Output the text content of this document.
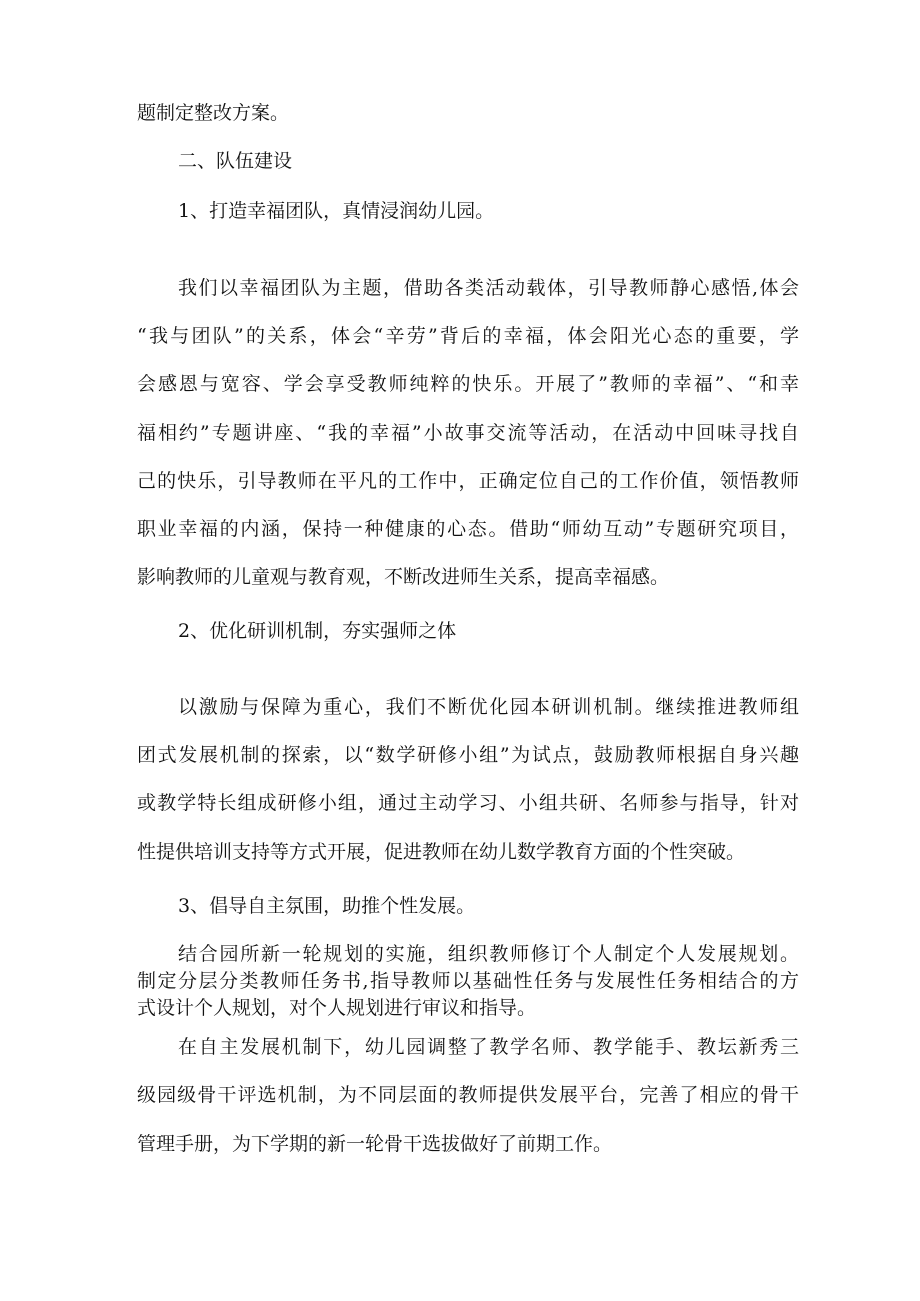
题制定整改方案。
二、队伍建设
1、打造幸福团队，真情浸润幼儿园。
我们以幸福团队为主题，借助各类活动载体，引导教师静心感悟,体会
“我与团队”的关系，体会“辛劳”背后的幸福，体会阳光心态的重要，学
会感恩与宽容、学会享受教师纯粹的快乐。开展了”教师的幸福”、“和幸
福相约”专题讲座、“我的幸福”小故事交流等活动，在活动中回味寻找自
己的快乐，引导教师在平凡的工作中，正确定位自己的工作价值，领悟教师
职业幸福的内涵，保持一种健康的心态。借助“师幼互动”专题研究项目，
影响教师的儿童观与教育观，不断改进师生关系，提高幸福感。
2、优化研训机制，夯实强师之体
以激励与保障为重心，我们不断优化园本研训机制。继续推进教师组
团式发展机制的探索，以“数学研修小组”为试点，鼓励教师根据自身兴趣
或教学特长组成研修小组，通过主动学习、小组共研、名师参与指导，针对
性提供培训支持等方式开展，促进教师在幼儿数学教育方面的个性突破。
3、倡导自主氛围，助推个性发展。
结合园所新一轮规划的实施，组织教师修订个人制定个人发展规划。
制定分层分类教师任务书,指导教师以基础性任务与发展性任务相结合的方
式设计个人规划，对个人规划进行审议和指导。
在自主发展机制下，幼儿园调整了教学名师、教学能手、教坛新秀三
级园级骨干评选机制，为不同层面的教师提供发展平台，完善了相应的骨干
管理手册，为下学期的新一轮骨干选拔做好了前期工作。
